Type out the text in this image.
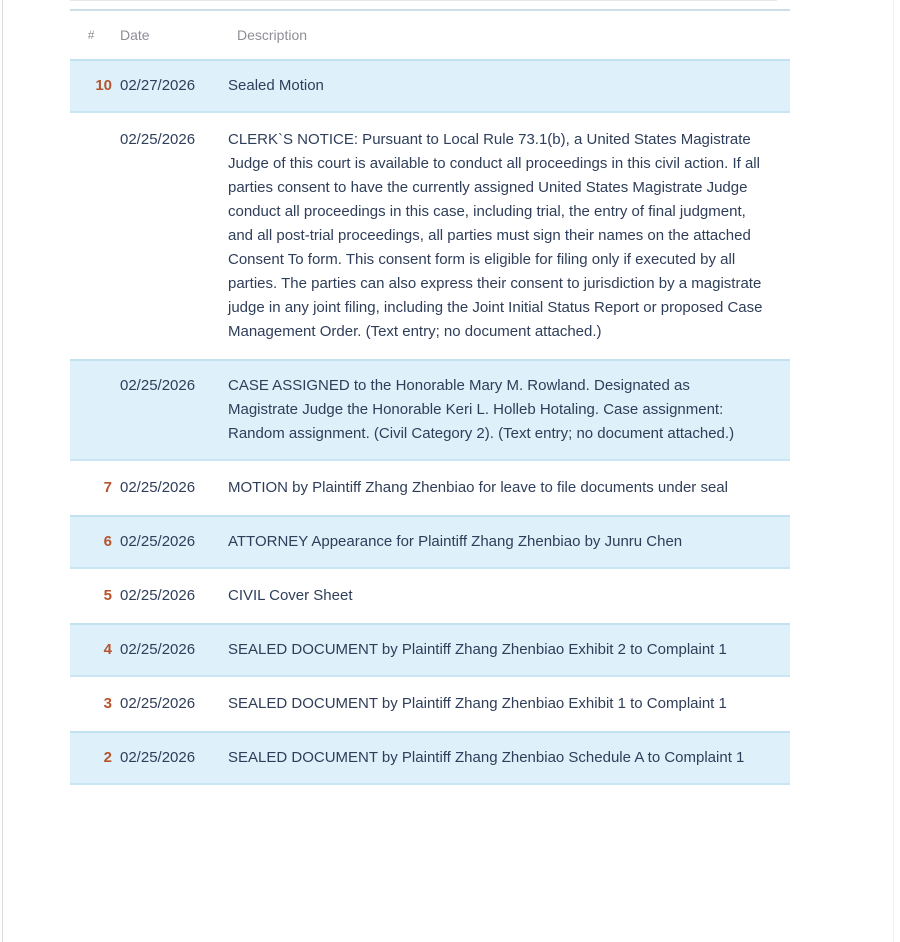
#	Date	Description
10 02/27/2026	Sealed Motion
02/25/2026	CLERK`S NOTICE: Pursuant to Local Rule 73.1(b), a United States Magistrate Judge of this court is available to conduct all proceedings in this civil action. If all parties consent to have the currently assigned United States Magistrate Judge conduct all proceedings in this case, including trial, the entry of final judgment, and all post-trial proceedings, all parties must sign their names on the attached Consent To form. This consent form is eligible for filing only if executed by all parties. The parties can also express their consent to jurisdiction by a magistrate judge in any joint filing, including the Joint Initial Status Report or proposed Case Management Order. (Text entry; no document attached.)
02/25/2026	CASE ASSIGNED to the Honorable Mary M. Rowland. Designated as Magistrate Judge the Honorable Keri L. Holleb Hotaling. Case assignment: Random assignment. (Civil Category 2). (Text entry; no document attached.)
7 02/25/2026	MOTION by Plaintiff Zhang Zhenbiao for leave to file documents under seal
6 02/25/2026	ATTORNEY Appearance for Plaintiff Zhang Zhenbiao by Junru Chen
5 02/25/2026	CIVIL Cover Sheet
4 02/25/2026	SEALED DOCUMENT by Plaintiff Zhang Zhenbiao Exhibit 2 to Complaint 1
3 02/25/2026	SEALED DOCUMENT by Plaintiff Zhang Zhenbiao Exhibit 1 to Complaint 1
2 02/25/2026	SEALED DOCUMENT by Plaintiff Zhang Zhenbiao Schedule A to Complaint 1
